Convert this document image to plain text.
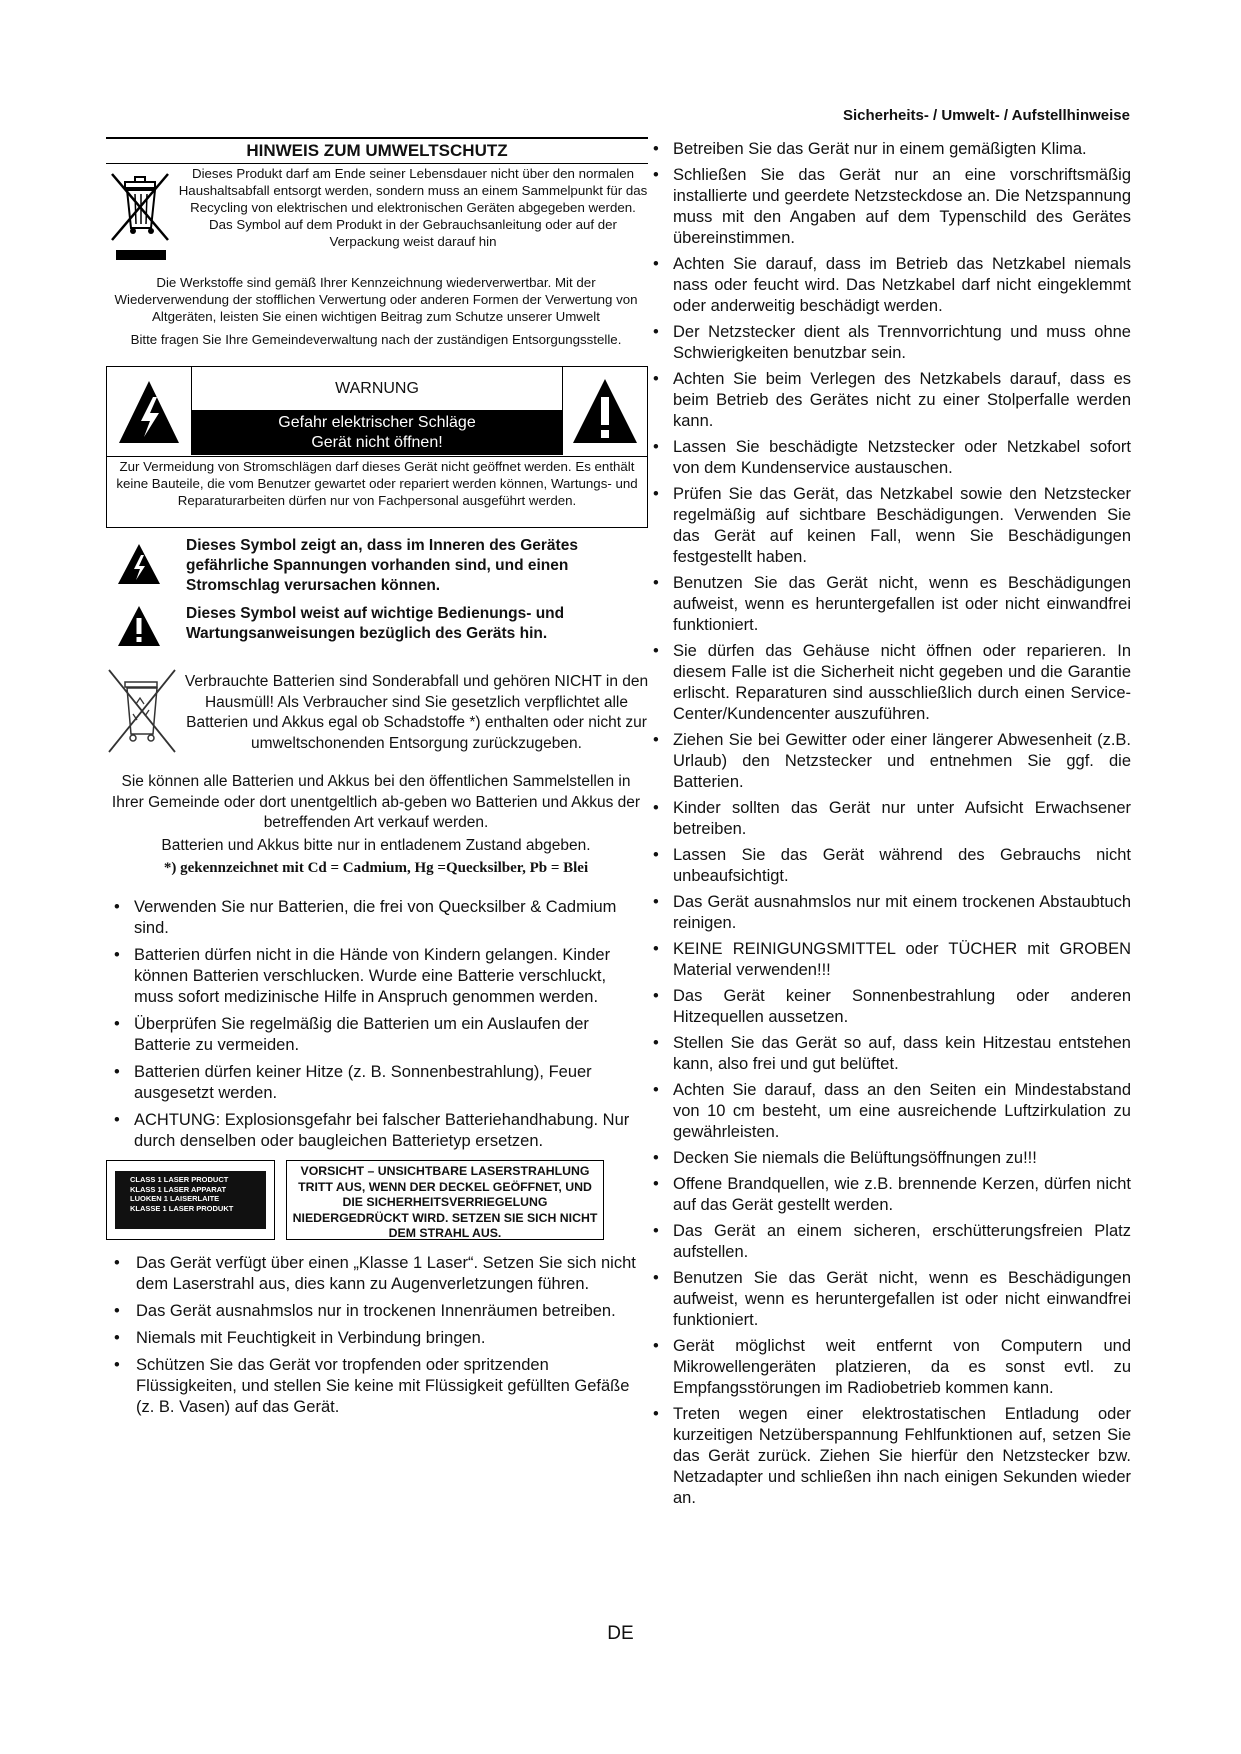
Sicherheits- / Umwelt- / Aufstellhinweise
HINWEIS ZUM UMWELTSCHUTZ
Dieses Produkt darf am Ende seiner Lebensdauer nicht über den normalen Haushaltsabfall entsorgt werden, sondern muss an einem Sammelpunkt für das Recycling von elektrischen und elektronischen Geräten abgegeben werden. Das Symbol auf dem Produkt in der Gebrauchsanleitung oder auf der Verpackung weist darauf hin
Die Werkstoffe sind gemäß Ihrer Kennzeichnung wiederverwertbar. Mit der Wiederverwendung der stofflichen Verwertung oder anderen Formen der Verwertung von Altgeräten, leisten Sie einen wichtigen Beitrag zum Schutze unserer Umwelt
Bitte fragen Sie Ihre Gemeindeverwaltung nach der zuständigen Entsorgungsstelle.
WARNUNG
Gefahr elektrischer Schläge
Gerät nicht öffnen!
Zur Vermeidung von Stromschlägen darf dieses Gerät nicht geöffnet werden. Es enthält keine Bauteile, die vom Benutzer gewartet oder repariert werden können, Wartungs- und Reparaturarbeiten dürfen nur von Fachpersonal ausgeführt werden.
Dieses Symbol zeigt an, dass im Inneren des Gerätes gefährliche Spannungen vorhanden sind, und einen Stromschlag verursachen können.
Dieses Symbol weist auf wichtige Bedienungs- und Wartungsanweisungen bezüglich des Geräts hin.
Verbrauchte Batterien sind Sonderabfall und gehören NICHT in den Hausmüll! Als Verbraucher sind Sie gesetzlich verpflichtet alle Batterien und Akkus egal ob Schadstoffe *) enthalten oder nicht zur umweltschonenden Entsorgung zurückzugeben.
Sie können alle Batterien und Akkus bei den öffentlichen Sammelstellen in Ihrer Gemeinde oder dort unentgeltlich ab-geben wo Batterien und Akkus der betreffenden Art verkauf werden.
Batterien und Akkus bitte nur in entladenem Zustand abgeben.
*) gekennzeichnet mit Cd = Cadmium, Hg =Quecksilber, Pb = Blei
• Verwenden Sie nur Batterien, die frei von Quecksilber & Cadmium sind.
• Batterien dürfen nicht in die Hände von Kindern gelangen. Kinder können Batterien verschlucken. Wurde eine Batterie verschluckt, muss sofort medizinische Hilfe in Anspruch genommen werden.
• Überprüfen Sie regelmäßig die Batterien um ein Auslaufen der Batterie zu vermeiden.
• Batterien dürfen keiner Hitze (z. B. Sonnenbestrahlung), Feuer ausgesetzt werden.
• ACHTUNG: Explosionsgefahr bei falscher Batteriehandhabung. Nur durch denselben oder baugleichen Batterietyp ersetzen.
CLASS 1 LASER PRODUCT
KLASS 1 LASER APPARAT
LUOKEN 1 LAISERLAITE
KLASSE 1 LASER PRODUKT
VORSICHT – UNSICHTBARE LASERSTRAHLUNG TRITT AUS, WENN DER DECKEL GEÖFFNET, UND DIE SICHERHEITSVERRIEGELUNG NIEDERGEDRÜCKT WIRD. SETZEN SIE SICH NICHT DEM STRAHL AUS.
• Das Gerät verfügt über einen „Klasse 1 Laser“. Setzen Sie sich nicht dem Laserstrahl aus, dies kann zu Augenverletzungen führen.
• Das Gerät ausnahmslos nur in trockenen Innenräumen betreiben.
• Niemals mit Feuchtigkeit in Verbindung bringen.
• Schützen Sie das Gerät vor tropfenden oder spritzenden Flüssigkeiten, und stellen Sie keine mit Flüssigkeit gefüllten Gefäße (z. B. Vasen) auf das Gerät.
• Betreiben Sie das Gerät nur in einem gemäßigten Klima.
• Schließen Sie das Gerät nur an eine vorschriftsmäßig installierte und geerdete Netzsteckdose an. Die Netzspannung muss mit den Angaben auf dem Typenschild des Gerätes übereinstimmen.
• Achten Sie darauf, dass im Betrieb das Netzkabel niemals nass oder feucht wird. Das Netzkabel darf nicht eingeklemmt oder anderweitig beschädigt werden.
• Der Netzstecker dient als Trennvorrichtung und muss ohne Schwierigkeiten benutzbar sein.
• Achten Sie beim Verlegen des Netzkabels darauf, dass es beim Betrieb des Gerätes nicht zu einer Stolperfalle werden kann.
• Lassen Sie beschädigte Netzstecker oder Netzkabel sofort von dem Kundenservice austauschen.
• Prüfen Sie das Gerät, das Netzkabel sowie den Netzstecker regelmäßig auf sichtbare Beschädigungen. Verwenden Sie das Gerät auf keinen Fall, wenn Sie Beschädigungen festgestellt haben.
• Benutzen Sie das Gerät nicht, wenn es Beschädigungen aufweist, wenn es heruntergefallen ist oder nicht einwandfrei funktioniert.
• Sie dürfen das Gehäuse nicht öffnen oder reparieren. In diesem Falle ist die Sicherheit nicht gegeben und die Garantie erlischt. Reparaturen sind ausschließlich durch einen Service-Center/Kundencenter auszuführen.
• Ziehen Sie bei Gewitter oder einer längerer Abwesenheit (z.B. Urlaub) den Netzstecker und entnehmen Sie ggf. die Batterien.
• Kinder sollten das Gerät nur unter Aufsicht Erwachsener betreiben.
• Lassen Sie das Gerät während des Gebrauchs nicht unbeaufsichtigt.
• Das Gerät ausnahmslos nur mit einem trockenen Abstaubtuch reinigen.
• KEINE REINIGUNGSMITTEL oder TÜCHER mit GROBEN Material verwenden!!!
• Das Gerät keiner Sonnenbestrahlung oder anderen Hitzequellen aussetzen.
• Stellen Sie das Gerät so auf, dass kein Hitzestau entstehen kann, also frei und gut belüftet.
• Achten Sie darauf, dass an den Seiten ein Mindestabstand von 10 cm besteht, um eine ausreichende Luftzirkulation zu gewährleisten.
• Decken Sie niemals die Belüftungsöffnungen zu!!!
• Offene Brandquellen, wie z.B. brennende Kerzen, dürfen nicht auf das Gerät gestellt werden.
• Das Gerät an einem sicheren, erschütterungsfreien Platz aufstellen.
• Benutzen Sie das Gerät nicht, wenn es Beschädigungen aufweist, wenn es heruntergefallen ist oder nicht einwandfrei funktioniert.
• Gerät möglichst weit entfernt von Computern und Mikrowellengeräten platzieren, da es sonst evtl. zu Empfangsstörungen im Radiobetrieb kommen kann.
• Treten wegen einer elektrostatischen Entladung oder kurzeitigen Netzüberspannung Fehlfunktionen auf, setzen Sie das Gerät zurück. Ziehen Sie hierfür den Netzstecker bzw. Netzadapter und schließen ihn nach einigen Sekunden wieder an.
DE
